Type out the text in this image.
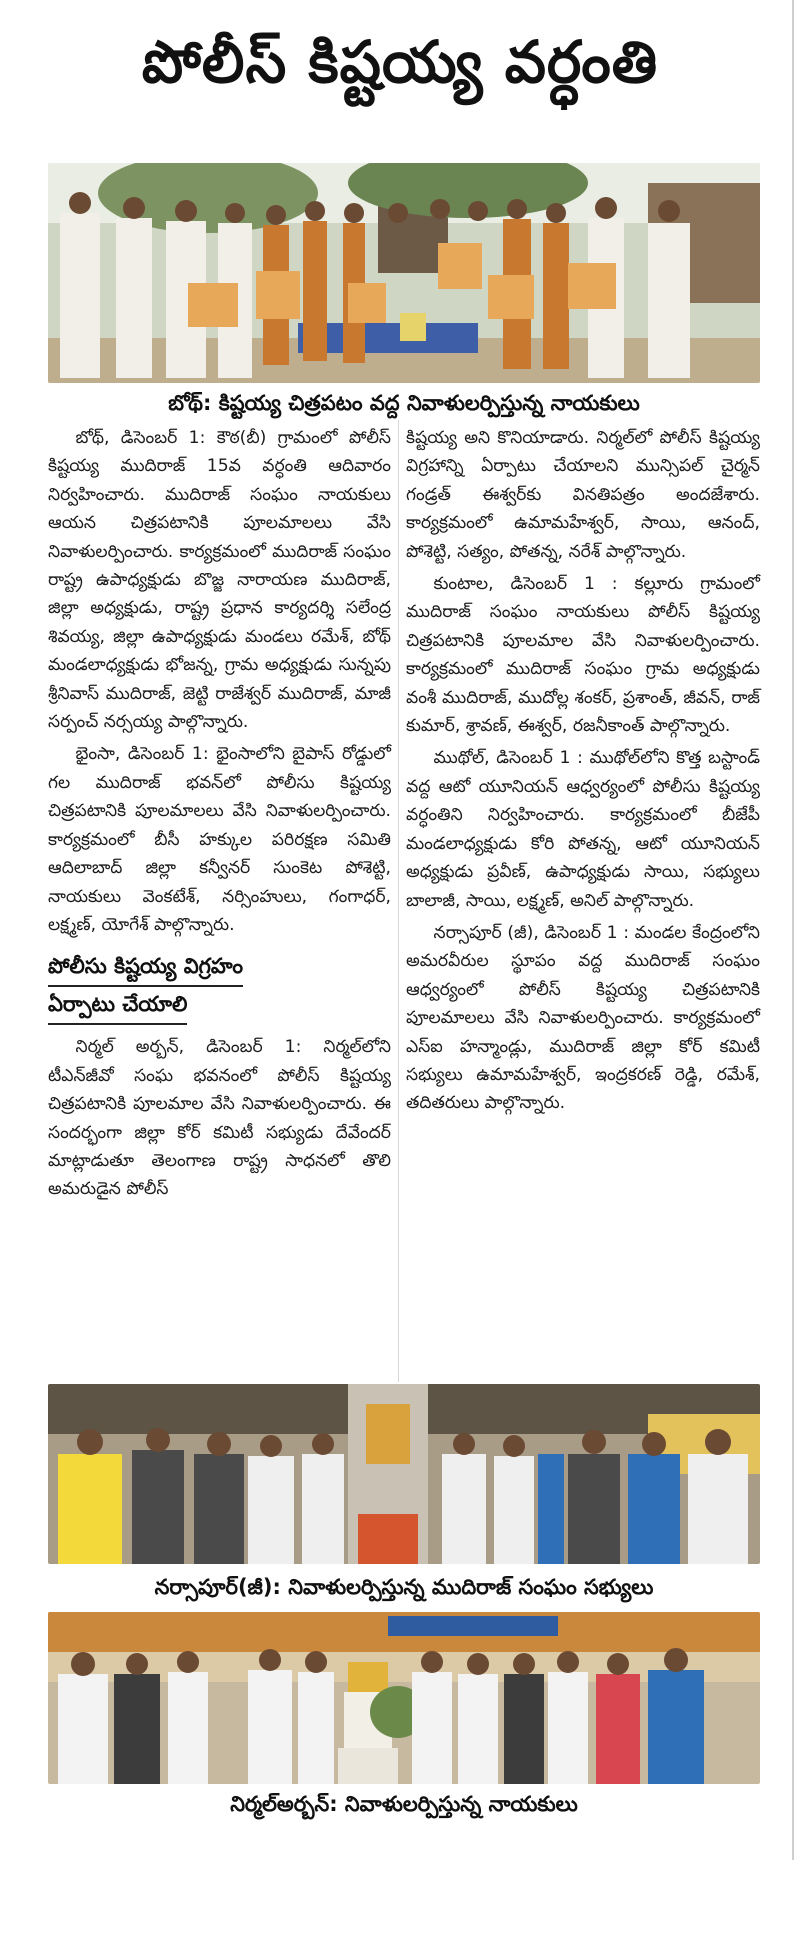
పోలీస్ కిష్టయ్య వర్ధంతి
బోథ్: కిష్టయ్య చిత్రపటం వద్ద నివాళులర్పిస్తున్న నాయకులు

బోథ్, డిసెంబర్ 1: కౌఠ(బీ) గ్రామంలో పోలీస్ కిష్టయ్య ముదిరాజ్ 15వ వర్ధంతి ఆదివారం నిర్వహించారు. ముదిరాజ్ సంఘం నాయకులు ఆయన చిత్రపటానికి పూలమాలలు వేసి నివాళులర్పించారు. కార్యక్రమంలో ముదిరాజ్ సంఘం రాష్ట్ర ఉపాధ్యక్షుడు బొజ్జ నారాయణ ముదిరాజ్, జిల్లా అధ్యక్షుడు, రాష్ట్ర ప్రధాన కార్యదర్శి సలేంద్ర శివయ్య, జిల్లా ఉపాధ్యక్షుడు మండలు రమేశ్, బోథ్ మండలాధ్యక్షుడు భోజన్న, గ్రామ అధ్యక్షుడు సున్నపు శ్రీనివాస్ ముదిరాజ్, జెట్టి రాజేశ్వర్ ముదిరాజ్, మాజీ సర్పంచ్ నర్సయ్య పాల్గొన్నారు.

భైంసా, డిసెంబర్ 1: భైంసాలోని బైపాస్ రోడ్డులో గల ముదిరాజ్ భవన్‌లో పోలీసు కిష్టయ్య చిత్రపటానికి పూలమాలలు వేసి నివాళులర్పించారు. కార్యక్రమంలో బీసీ హక్కుల పరిరక్షణ సమితి ఆదిలాబాద్ జిల్లా కన్వీనర్ సుంకెట పోశెట్టి, నాయకులు వెంకటేశ్, నర్సింహులు, గంగాధర్, లక్ష్మణ్, యోగేశ్ పాల్గొన్నారు.

పోలీసు కిష్టయ్య విగ్రహం
ఏర్పాటు చేయాలి

నిర్మల్ అర్బన్, డిసెంబర్ 1: నిర్మల్‌లోని టీఎన్‌జీవో సంఘ భవనంలో పోలీస్ కిష్టయ్య చిత్రపటానికి పూలమాల వేసి నివాళులర్పించారు. ఈ సందర్భంగా జిల్లా కోర్ కమిటీ సభ్యుడు దేవేందర్ మాట్లాడుతూ తెలంగాణ రాష్ట్ర సాధనలో తొలి అమరుడైన పోలీస్

కిష్టయ్య అని కొనియాడారు. నిర్మల్‌లో పోలీస్ కిష్టయ్య విగ్రహాన్ని ఏర్పాటు చేయాలని మున్సిపల్ చైర్మన్ గండ్రత్ ఈశ్వర్‌కు వినతిపత్రం అందజేశారు. కార్యక్రమంలో ఉమామహేశ్వర్, సాయి, ఆనంద్, పోశెట్టి, సత్యం, పోతన్న, నరేశ్ పాల్గొన్నారు.

కుంటాల, డిసెంబర్ 1 : కల్లూరు గ్రామంలో ముదిరాజ్ సంఘం నాయకులు పోలీస్ కిష్టయ్య చిత్రపటానికి పూలమాల వేసి నివాళులర్పించారు. కార్యక్రమంలో ముదిరాజ్ సంఘం గ్రామ అధ్యక్షుడు వంశీ ముదిరాజ్, ముదోల్ల శంకర్, ప్రశాంత్, జీవన్, రాజ్ కుమార్, శ్రావణ్, ఈశ్వర్, రజనీకాంత్ పాల్గొన్నారు.

ముథోల్, డిసెంబర్ 1 : ముథోల్‌లోని కొత్త బస్టాండ్ వద్ద ఆటో యూనియన్ ఆధ్వర్యంలో పోలీసు కిష్టయ్య వర్ధంతిని నిర్వహించారు. కార్యక్రమంలో బీజేపీ మండలాధ్యక్షుడు కోరి పోతన్న, ఆటో యూనియన్ అధ్యక్షుడు ప్రవీణ్, ఉపాధ్యక్షుడు సాయి, సభ్యులు బాలాజీ, సాయి, లక్ష్మణ్, అనిల్ పాల్గొన్నారు.

నర్సాపూర్ (జీ), డిసెంబర్ 1 : మండల కేంద్రంలోని అమరవీరుల స్థూపం వద్ద ముదిరాజ్ సంఘం ఆధ్వర్యంలో పోలీస్ కిష్టయ్య చిత్రపటానికి పూలమాలలు వేసి నివాళులర్పించారు. కార్యక్రమంలో ఎస్ఐ హన్మాండ్లు, ముదిరాజ్ జిల్లా కోర్ కమిటీ సభ్యులు ఉమామహేశ్వర్, ఇంద్రకరణ్ రెడ్డి, రమేశ్, తదితరులు పాల్గొన్నారు.

నర్సాపూర్(జీ): నివాళులర్పిస్తున్న ముదిరాజ్ సంఘం సభ్యులు
నిర్మల్అర్బన్: నివాళులర్పిస్తున్న నాయకులు
